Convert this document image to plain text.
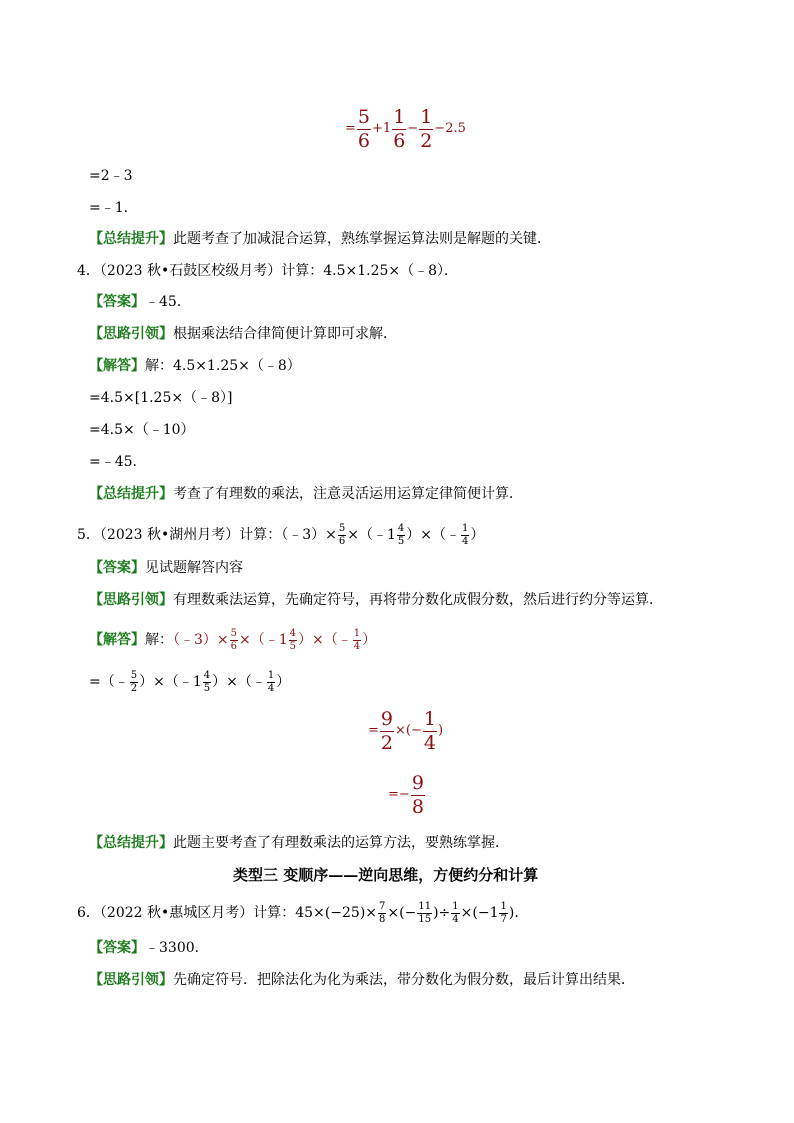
= $\frac{5}{6} +1 \frac{1}{6} - \frac{1}{2} -2.5$
=2﹣3
=﹣1．
【总结提升】此题考查了加减混合运算，熟练掌握运算法则是解题的关键．
4．（2023 秋•石鼓区校级月考）计算：4.5×1.25×（﹣8）．
【答案】﹣45．
【思路引领】根据乘法结合律简便计算即可求解．
【解答】解：4.5×1.25×（﹣8）
=4.5×[1.25×（﹣8）]
=4.5×（﹣10）
=﹣45．
【总结提升】考查了有理数的乘法，注意灵活运用运算定律简便计算．
5．（2023 秋•湖州月考）计算：（﹣3）× $\frac{5}{6}$ ×（﹣1 $\frac{4}{5}$ ）×（﹣ $\frac{1}{4}$ ）
【答案】见试题解答内容
【思路引领】有理数乘法运算，先确定符号，再将带分数化成假分数，然后进行约分等运算．
【解答】解：（﹣3）× $\frac{5}{6}$ ×（﹣1 $\frac{4}{5}$ ）×（﹣ $\frac{1}{4}$ ）
=（﹣ $\frac{5}{2}$ ）×（﹣1 $\frac{4}{5}$ ）×（﹣ $\frac{1}{4}$ ）
= $\frac{9}{2}$ ×(− $\frac{1}{4}$ )
=− $\frac{9}{8}$
【总结提升】此题主要考查了有理数乘法的运算方法，要熟练掌握．
类型三 变顺序——逆向思维，方便约分和计算
6．（2022 秋•惠城区月考）计算：$45\times(-25)\times \frac{7}{8}$ ×(− $\frac{11}{15}$ )÷ $\frac{1}{4} \times(-1 \frac{1}{7}$ )．
【答案】﹣3300．
【思路引领】先确定符号．把除法化为化为乘法，带分数化为假分数，最后计算出结果．
